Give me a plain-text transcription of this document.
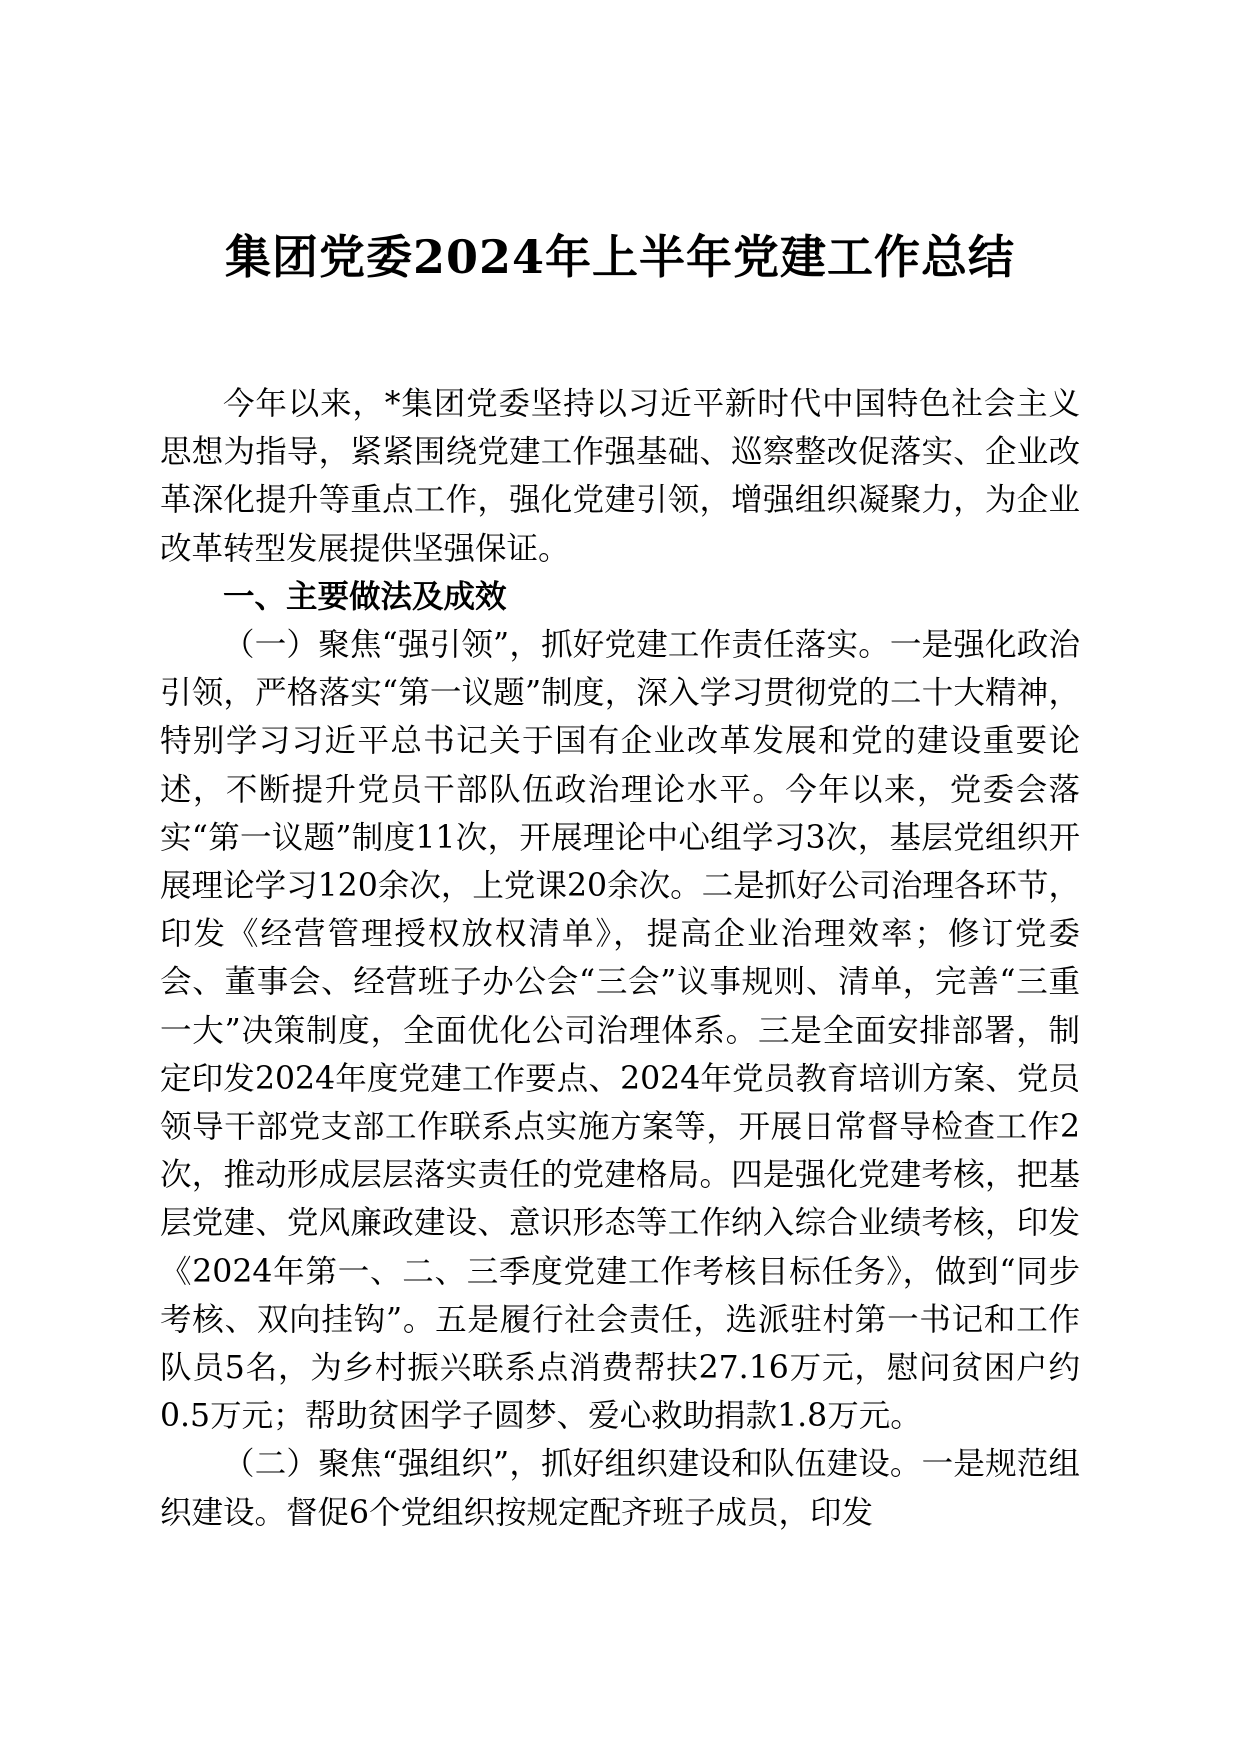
集团党委2024年上半年党建工作总结

今年以来，*集团党委坚持以习近平新时代中国特色社会主义思想为指导，紧紧围绕党建工作强基础、巡察整改促落实、企业改革深化提升等重点工作，强化党建引领，增强组织凝聚力，为企业改革转型发展提供坚强保证。

一、主要做法及成效

（一）聚焦“强引领”，抓好党建工作责任落实。一是强化政治引领，严格落实“第一议题”制度，深入学习贯彻党的二十大精神，特别学习习近平总书记关于国有企业改革发展和党的建设重要论述，不断提升党员干部队伍政治理论水平。今年以来，党委会落实“第一议题”制度11次，开展理论中心组学习3次，基层党组织开展理论学习120余次，上党课20余次。二是抓好公司治理各环节，印发《经营管理授权放权清单》，提高企业治理效率；修订党委会、董事会、经营班子办公会“三会”议事规则、清单，完善“三重一大”决策制度，全面优化公司治理体系。三是全面安排部署，制定印发2024年度党建工作要点、2024年党员教育培训方案、党员领导干部党支部工作联系点实施方案等，开展日常督导检查工作2次，推动形成层层落实责任的党建格局。四是强化党建考核，把基层党建、党风廉政建设、意识形态等工作纳入综合业绩考核，印发《2024年第一、二、三季度党建工作考核目标任务》，做到“同步考核、双向挂钩”。五是履行社会责任，选派驻村第一书记和工作队员5名，为乡村振兴联系点消费帮扶27.16万元，慰问贫困户约0.5万元；帮助贫困学子圆梦、爱心救助捐款1.8万元。

（二）聚焦“强组织”，抓好组织建设和队伍建设。一是规范组织建设。督促6个党组织按规定配齐班子成员，印发
